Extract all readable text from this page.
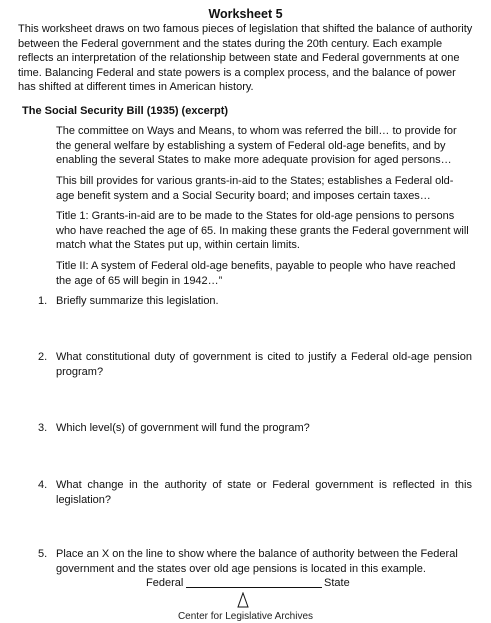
Worksheet 5

This worksheet draws on two famous pieces of legislation that shifted the balance of authority between the Federal government and the states during the 20th century. Each example reflects an interpretation of the relationship between state and Federal governments at one time. Balancing Federal and state powers is a complex process, and the balance of power has shifted at different times in American history.

The Social Security Bill (1935) (excerpt)

The committee on Ways and Means, to whom was referred the bill… to provide for the general welfare by establishing a system of Federal old-age benefits, and by enabling the several States to make more adequate provision for aged persons…

This bill provides for various grants-in-aid to the States; establishes a Federal old-age benefit system and a Social Security board; and imposes certain taxes…

Title 1: Grants-in-aid are to be made to the States for old-age pensions to persons who have reached the age of 65. In making these grants the Federal government will match what the States put up, within certain limits.

Title II: A system of Federal old-age benefits, payable to people who have reached the age of 65 will begin in 1942…”

1. Briefly summarize this legislation.
2. What constitutional duty of government is cited to justify a Federal old-age pension program?
3. Which level(s) of government will fund the program?
4. What change in the authority of state or Federal government is reflected in this legislation?
5. Place an X on the line to show where the balance of authority between the Federal government and the states over old age pensions is located in this example.
Federal	State
Center for Legislative Archives
